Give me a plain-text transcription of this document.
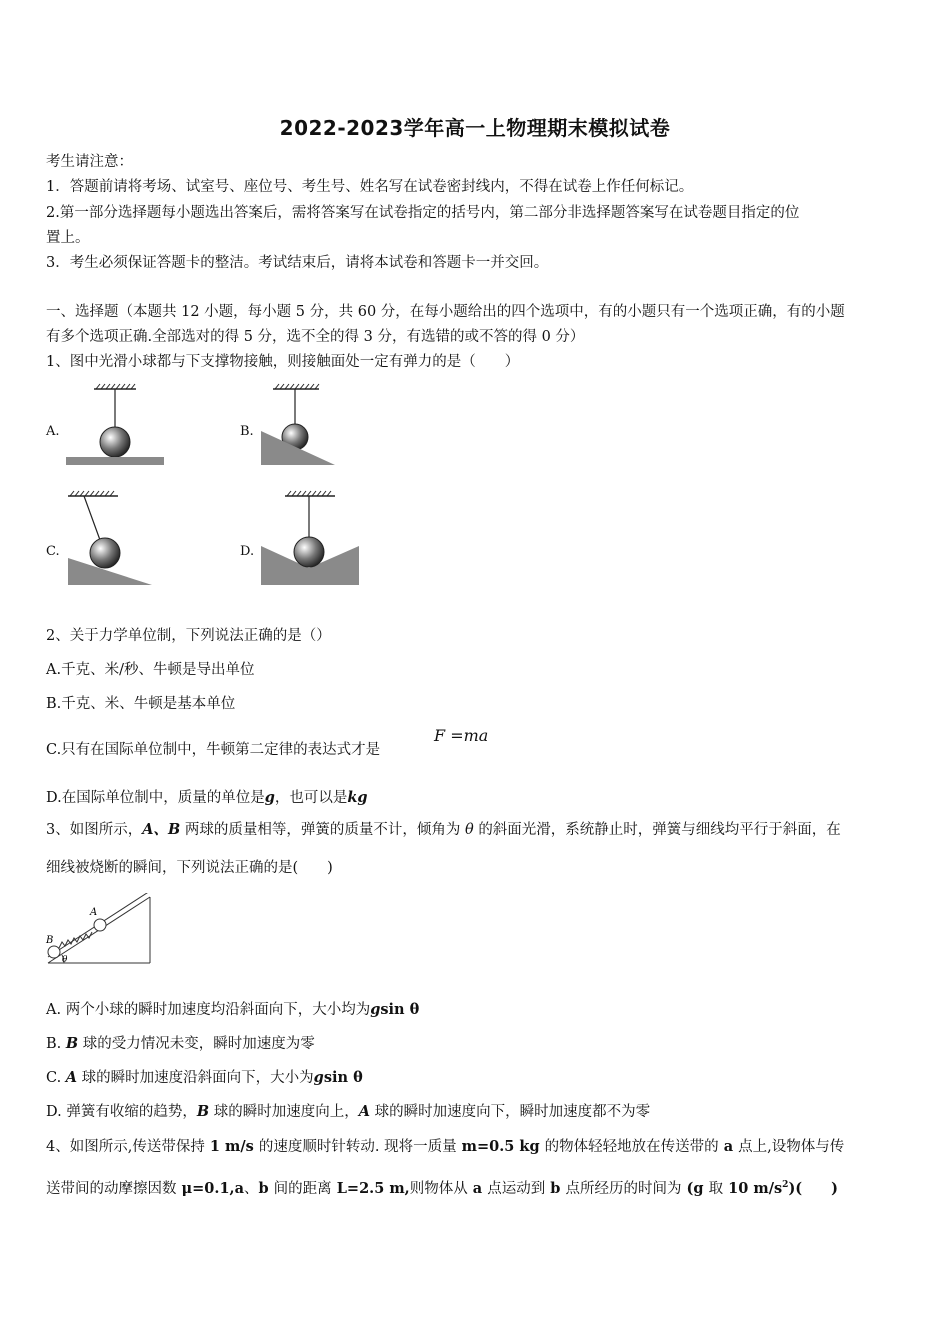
2022-2023学年高一上物理期末模拟试卷
考生请注意：
1．答题前请将考场、试室号、座位号、考生号、姓名写在试卷密封线内，不得在试卷上作任何标记。
2.第一部分选择题每小题选出答案后，需将答案写在试卷指定的括号内，第二部分非选择题答案写在试卷题目指定的位
置上。
3．考生必须保证答题卡的整洁。考试结束后，请将本试卷和答题卡一并交回。
一、选择题（本题共 12 小题，每小题 5 分，共 60 分，在每小题给出的四个选项中，有的小题只有一个选项正确，有的小题
有多个选项正确.全部选对的得 5 分，选不全的得 3 分，有选错的或不答的得 0 分）
1、图中光滑小球都与下支撑物接触，则接触面处一定有弹力的是（　　）
A.	B.
C.	D.
2、关于力学单位制，下列说法正确的是（）
A.千克、米/秒、牛顿是导出单位
B.千克、米、牛顿是基本单位
C.只有在国际单位制中，牛顿第二定律的表达式才是
F =ma
D.在国际单位制中，质量的单位是g，也可以是kg
3、如图所示，A、B 两球的质量相等，弹簧的质量不计，倾角为 θ 的斜面光滑，系统静止时，弹簧与细线均平行于斜面，在
细线被烧断的瞬间，下列说法正确的是(　　)
A
B
θ
A. 两个小球的瞬时加速度均沿斜面向下，大小均为gsin θ
B. B 球的受力情况未变，瞬时加速度为零
C. A 球的瞬时加速度沿斜面向下，大小为gsin θ
D. 弹簧有收缩的趋势，B 球的瞬时加速度向上，A 球的瞬时加速度向下，瞬时加速度都不为零
4、如图所示,传送带保持 1 m/s 的速度顺时针转动. 现将一质量 m=0.5 kg 的物体轻轻地放在传送带的 a 点上,设物体与传
送带间的动摩擦因数 μ=0.1,a、b 间的距离 L=2.5 m,则物体从 a 点运动到 b 点所经历的时间为 (g 取 10 $m/s^2$)(　　)
